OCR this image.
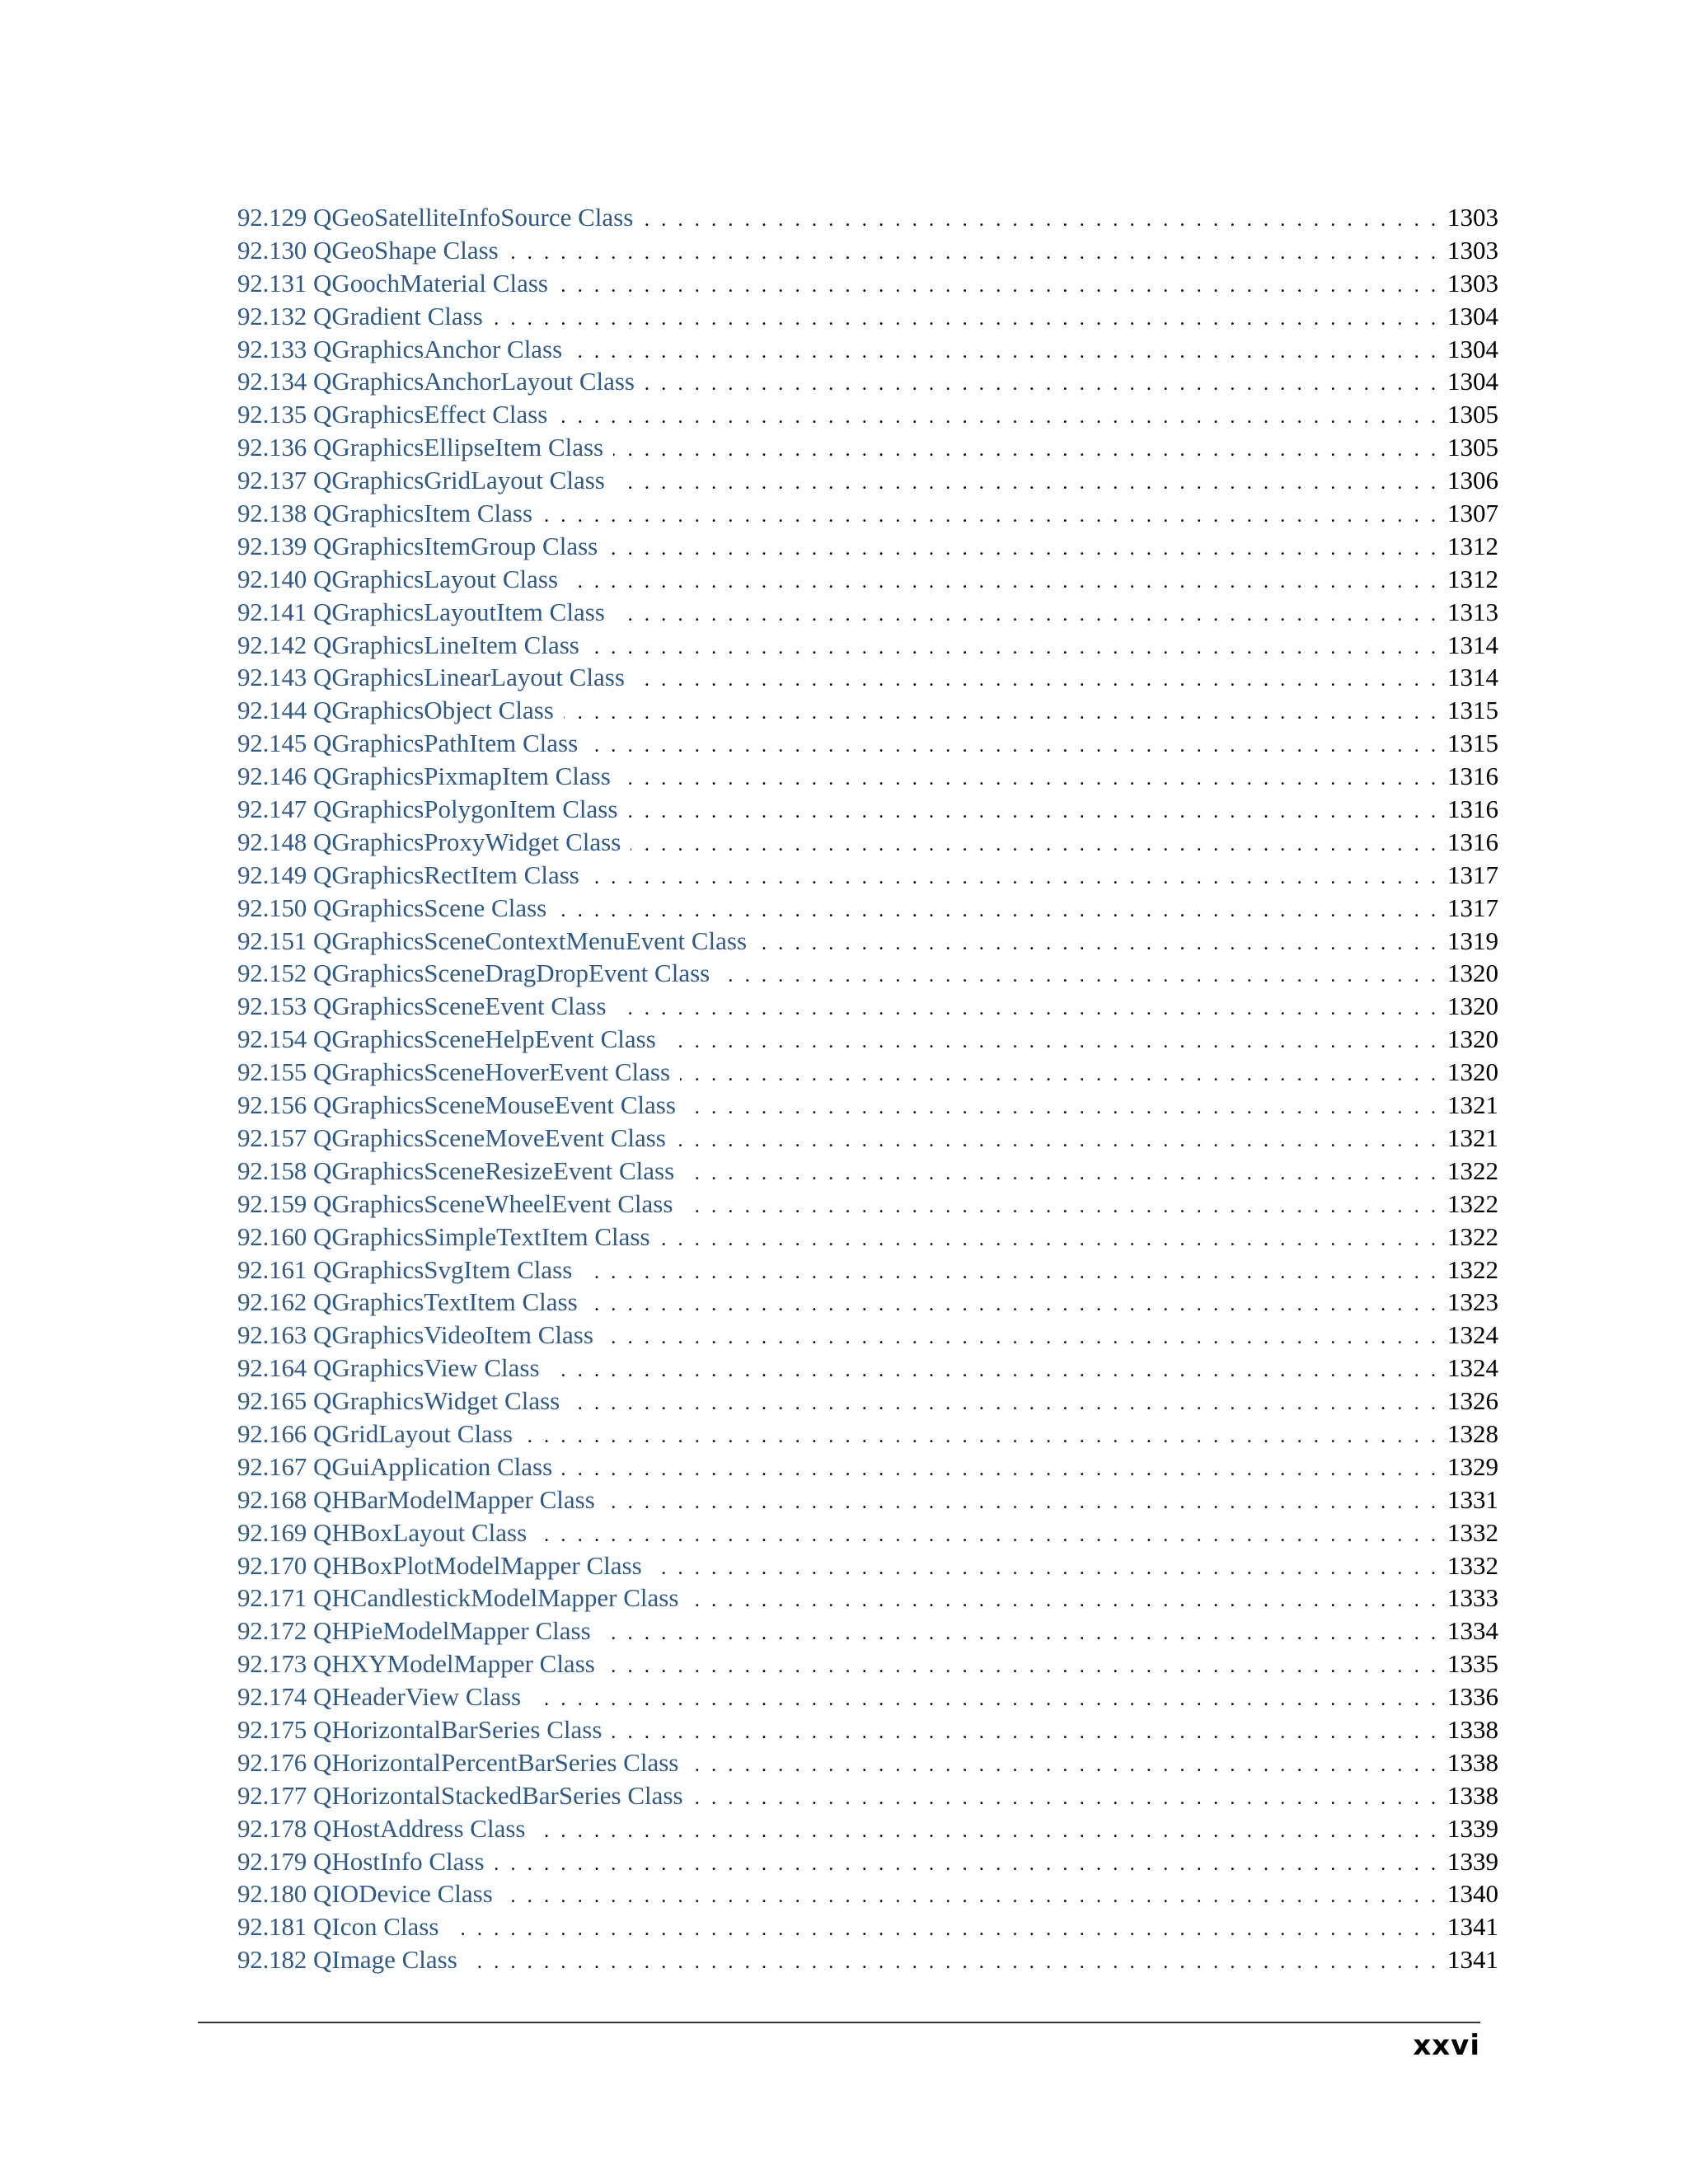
92.129 QGeoSatelliteInfoSource Class . . .	1303
92.130 QGeoShape Class . . .	1303
92.131 QGoochMaterial Class . . .	1303
92.132 QGradient Class . . .	1304
92.133 QGraphicsAnchor Class . . .	1304
92.134 QGraphicsAnchorLayout Class . . .	1304
92.135 QGraphicsEffect Class . . .	1305
92.136 QGraphicsEllipseItem Class . . .	1305
92.137 QGraphicsGridLayout Class . . .	1306
92.138 QGraphicsItem Class . . .	1307
92.139 QGraphicsItemGroup Class . . .	1312
92.140 QGraphicsLayout Class . . .	1312
92.141 QGraphicsLayoutItem Class . . .	1313
92.142 QGraphicsLineItem Class . . .	1314
92.143 QGraphicsLinearLayout Class . . .	1314
92.144 QGraphicsObject Class . . .	1315
92.145 QGraphicsPathItem Class . . .	1315
92.146 QGraphicsPixmapItem Class . . .	1316
92.147 QGraphicsPolygonItem Class . . .	1316
92.148 QGraphicsProxyWidget Class . . .	1316
92.149 QGraphicsRectItem Class . . .	1317
92.150 QGraphicsScene Class . . .	1317
92.151 QGraphicsSceneContextMenuEvent Class . . .	1319
92.152 QGraphicsSceneDragDropEvent Class . . .	1320
92.153 QGraphicsSceneEvent Class . . .	1320
92.154 QGraphicsSceneHelpEvent Class . . .	1320
92.155 QGraphicsSceneHoverEvent Class . . .	1320
92.156 QGraphicsSceneMouseEvent Class . . .	1321
92.157 QGraphicsSceneMoveEvent Class . . .	1321
92.158 QGraphicsSceneResizeEvent Class . . .	1322
92.159 QGraphicsSceneWheelEvent Class . . .	1322
92.160 QGraphicsSimpleTextItem Class . . .	1322
92.161 QGraphicsSvgItem Class . . .	1322
92.162 QGraphicsTextItem Class . . .	1323
92.163 QGraphicsVideoItem Class . . .	1324
92.164 QGraphicsView Class . . .	1324
92.165 QGraphicsWidget Class . . .	1326
92.166 QGridLayout Class . . .	1328
92.167 QGuiApplication Class . . .	1329
92.168 QHBarModelMapper Class . . .	1331
92.169 QHBoxLayout Class . . .	1332
92.170 QHBoxPlotModelMapper Class . . .	1332
92.171 QHCandlestickModelMapper Class . . .	1333
92.172 QHPieModelMapper Class . . .	1334
92.173 QHXYModelMapper Class . . .	1335
92.174 QHeaderView Class . . .	1336
92.175 QHorizontalBarSeries Class . . .	1338
92.176 QHorizontalPercentBarSeries Class . . .	1338
92.177 QHorizontalStackedBarSeries Class . . .	1338
92.178 QHostAddress Class . . .	1339
92.179 QHostInfo Class . . .	1339
92.180 QIODevice Class . . .	1340
92.181 QIcon Class . . .	1341
92.182 QImage Class . . .	1341
xxvi
